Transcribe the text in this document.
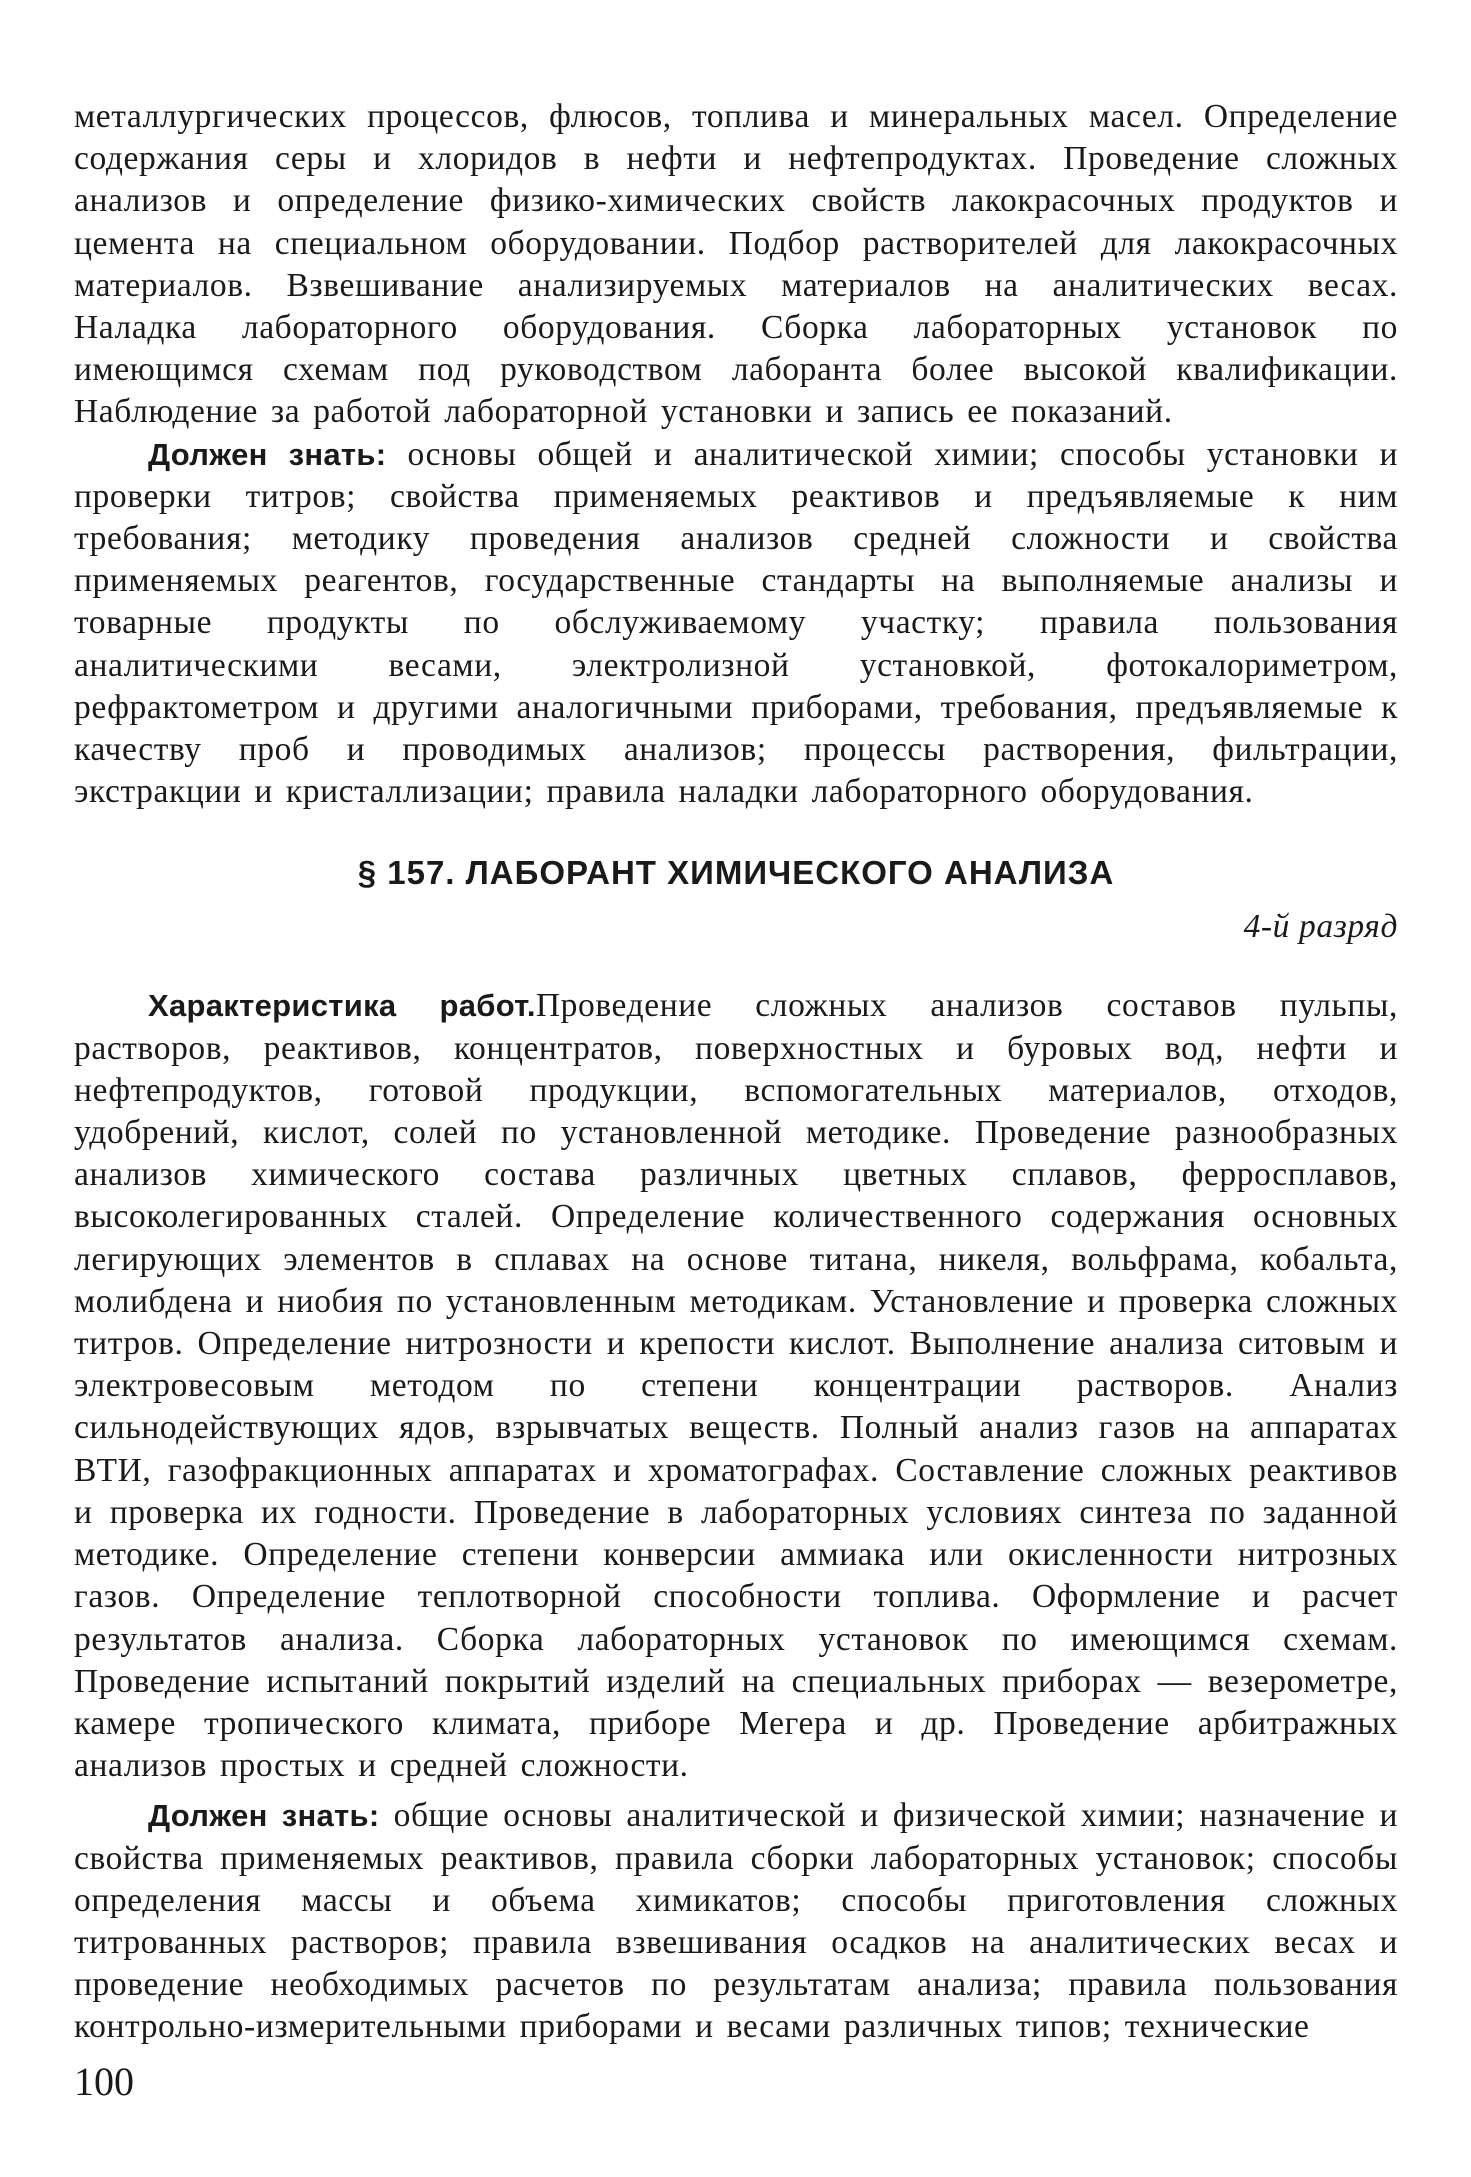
металлургических процессов, флюсов, топлива и минеральных масел. Определение содержания серы и хлоридов в нефти и нефтепродуктах. Проведение сложных анализов и определение физико-химических свойств лакокрасочных продуктов и цемента на специальном оборудовании. Подбор растворителей для лакокрасочных материалов. Взвешивание анализируемых материалов на аналитических весах. Наладка лабораторного оборудования. Сборка лабораторных установок по имеющимся схемам под руководством лаборанта более высокой квалификации. Наблюдение за работой лабораторной установки и запись ее показаний.

Должен знать: основы общей и аналитической химии; способы установки и проверки титров; свойства применяемых реактивов и предъявляемые к ним требования; методику проведения анализов средней сложности и свойства применяемых реагентов, государственные стандарты на выполняемые анализы и товарные продукты по обслуживаемому участку; правила пользования аналитическими весами, электролизной установкой, фотокалориметром, рефрактометром и другими аналогичными приборами, требования, предъявляемые к качеству проб и проводимых анализов; процессы растворения, фильтрации, экстракции и кристаллизации; правила наладки лабораторного оборудования.

§ 157. ЛАБОРАНТ ХИМИЧЕСКОГО АНАЛИЗА
4-й разряд

Характеристика работ.Проведение сложных анализов составов пульпы, растворов, реактивов, концентратов, поверхностных и буровых вод, нефти и нефтепродуктов, готовой продукции, вспомогательных материалов, отходов, удобрений, кислот, солей по установленной методике. Проведение разнообразных анализов химического состава различных цветных сплавов, ферросплавов, высоколегированных сталей. Определение количественного содержания основных легирующих элементов в сплавах на основе титана, никеля, вольфрама, кобальта, молибдена и ниобия по установленным методикам. Установление и проверка сложных титров. Определение нитрозности и крепости кислот. Выполнение анализа ситовым и электровесовым методом по степени концентрации растворов. Анализ сильнодействующих ядов, взрывчатых веществ. Полный анализ газов на аппаратах ВТИ, газофракционных аппаратах и хроматографах. Составление сложных реактивов и проверка их годности. Проведение в лабораторных условиях синтеза по заданной методике. Определение степени конверсии аммиака или окисленности нитрозных газов. Определение теплотворной способности топлива. Оформление и расчет результатов анализа. Сборка лабораторных установок по имеющимся схемам. Проведение испытаний покрытий изделий на специальных приборах — везерометре, камере тропического климата, приборе Мегера и др. Проведение арбитражных анализов простых и средней сложности.

Должен знать: общие основы аналитической и физической химии; назначение и свойства применяемых реактивов, правила сборки лабораторных установок; способы определения массы и объема химикатов; способы приготовления сложных титрованных растворов; правила взвешивания осадков на аналитических весах и проведение необходимых расчетов по результатам анализа; правила пользования контрольно-измерительными приборами и весами различных типов; технические

100
